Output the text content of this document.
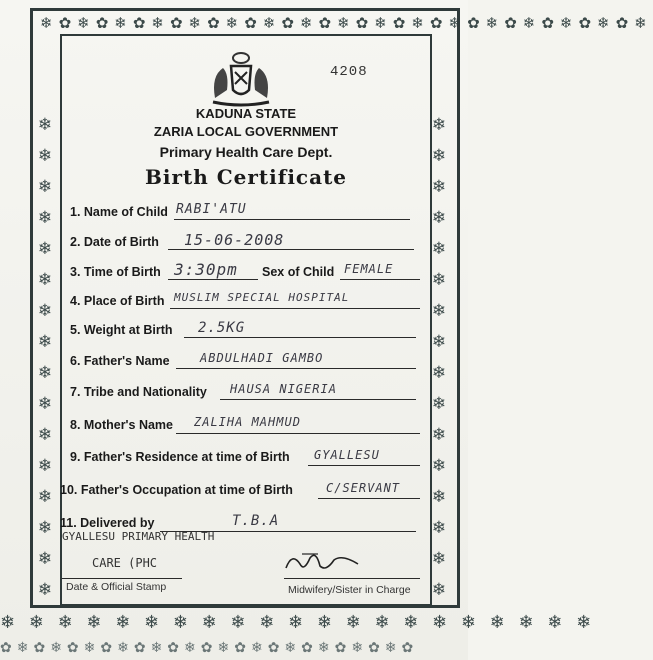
❄✿❄✿❄✿❄✿❄✿❄✿❄✿❄✿❄✿❄✿❄✿❄✿❄✿❄✿❄✿❄✿❄
❄ ❄ ❄ ❄ ❄ ❄ ❄ ❄ ❄ ❄ ❄ ❄ ❄ ❄ ❄ ❄ ❄ ❄ ❄ ❄ ❄
✿❄✿❄✿❄✿❄✿❄✿❄✿❄✿❄✿❄✿❄✿❄✿❄✿
❄
❄
❄
❄
❄
❄
❄
❄
❄
❄
❄
❄
❄
❄
❄
❄
❄
❄
❄
❄
❄
❄
❄
❄
❄
❄
❄
❄
❄
❄
❄
❄
4208
KADUNA STATE
ZARIA LOCAL GOVERNMENT
Primary Health Care Dept.
Birth Certificate
1. Name of Child RABI'ATU
2. Date of Birth 15-06-2008
3. Time of Birth 3:30pm Sex of Child FEMALE
4. Place of Birth MUSLIM SPECIAL HOSPITAL
5. Weight at Birth 2.5KG
6. Father's Name	ABDULHADI GAMBO
7. Tribe and Nationality HAUSA NIGERIA
8. Mother's Name ZALIHA MAHMUD
9. Father's Residence at time of Birth GYALLESU
10. Father's Occupation at time of Birth	C/SERVANT
11. Delivered by	T.B.A
GYALLESU PRIMARY HEALTH
CARE (PHC
Date & Official Stamp	Midwifery/Sister in Charge
